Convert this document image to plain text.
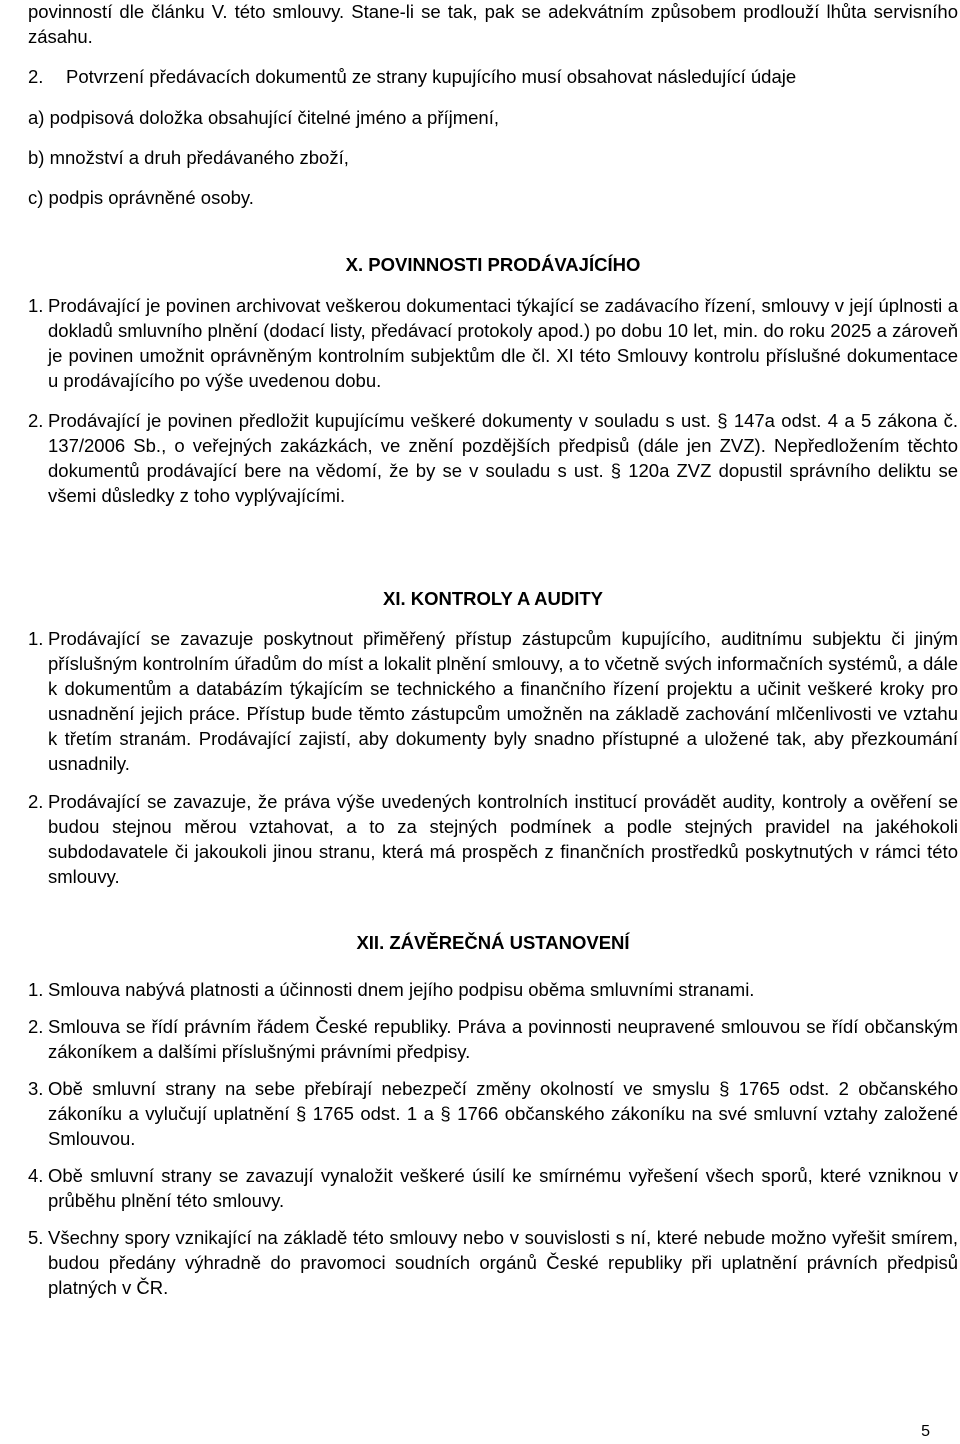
povinností dle článku V. této smlouvy. Stane-li se tak, pak se adekvátním způsobem prodlouží lhůta servisního zásahu.

2.	Potvrzení předávacích dokumentů ze strany kupujícího musí obsahovat následující údaje

a) podpisová doložka obsahující čitelné jméno a příjmení,

b) množství a druh předávaného zboží,

c) podpis oprávněné osoby.

X. POVINNOSTI PRODÁVAJÍCÍHO

1. Prodávající je povinen archivovat veškerou dokumentaci týkající se zadávacího řízení, smlouvy v její úplnosti a dokladů smluvního plnění (dodací listy, předávací protokoly apod.) po dobu 10 let, min. do roku 2025 a zároveň je povinen umožnit oprávněným kontrolním subjektům dle čl. XI této Smlouvy kontrolu příslušné dokumentace u prodávajícího po výše uvedenou dobu.
2. Prodávající je povinen předložit kupujícímu veškeré dokumenty v souladu s ust. § 147a odst. 4 a 5 zákona č. 137/2006 Sb., o veřejných zakázkách, ve znění pozdějších předpisů (dále jen ZVZ). Nepředložením těchto dokumentů prodávající bere na vědomí, že by se v souladu s ust. § 120a ZVZ dopustil správního deliktu se všemi důsledky z toho vyplývajícími.

XI. KONTROLY A AUDITY

1. Prodávající se zavazuje poskytnout přiměřený přístup zástupcům kupujícího, auditnímu subjektu či jiným příslušným kontrolním úřadům do míst a lokalit plnění smlouvy, a to včetně svých informačních systémů, a dále k dokumentům a databázím týkajícím se technického a finančního řízení projektu a učinit veškeré kroky pro usnadnění jejich práce. Přístup bude těmto zástupcům umožněn na základě zachování mlčenlivosti ve vztahu k třetím stranám. Prodávající zajistí, aby dokumenty byly snadno přístupné a uložené tak, aby přezkoumání usnadnily.
2. Prodávající se zavazuje, že práva výše uvedených kontrolních institucí provádět audity, kontroly a ověření se budou stejnou měrou vztahovat, a to za stejných podmínek a podle stejných pravidel na jakéhokoli subdodavatele či jakoukoli jinou stranu, která má prospěch z finančních prostředků poskytnutých v rámci této smlouvy.

XII. ZÁVĚREČNÁ USTANOVENÍ

1. Smlouva nabývá platnosti a účinnosti dnem jejího podpisu oběma smluvními stranami.
2. Smlouva se řídí právním řádem České republiky. Práva a povinnosti neupravené smlouvou se řídí občanským zákoníkem a dalšími příslušnými právními předpisy.
3. Obě smluvní strany na sebe přebírají nebezpečí změny okolností ve smyslu § 1765 odst. 2 občanského zákoníku a vylučují uplatnění § 1765 odst. 1 a § 1766 občanského zákoníku na své smluvní vztahy založené Smlouvou.
4. Obě smluvní strany se zavazují vynaložit veškeré úsilí ke smírnému vyřešení všech sporů, které vzniknou v průběhu plnění této smlouvy.
5. Všechny spory vznikající na základě této smlouvy nebo v souvislosti s ní, které nebude možno vyřešit smírem, budou předány výhradně do pravomoci soudních orgánů České republiky při uplatnění právních předpisů platných v ČR.
5
